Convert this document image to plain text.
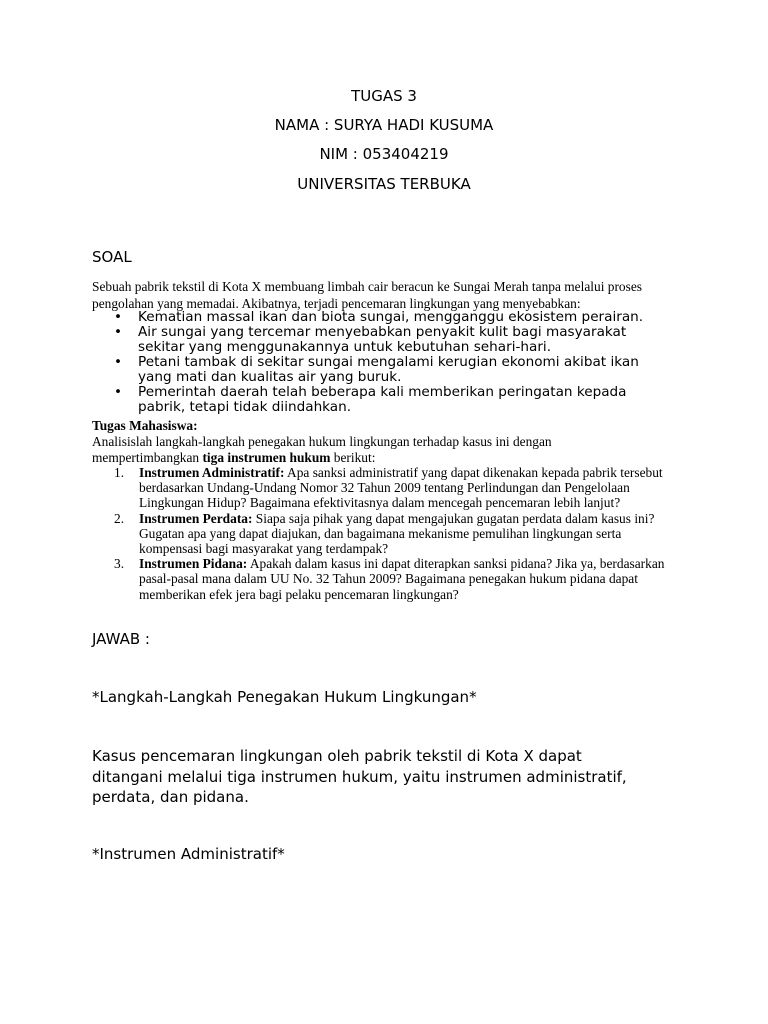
TUGAS 3
NAMA : SURYA HADI KUSUMA
NIM : 053404219
UNIVERSITAS TERBUKA
SOAL
Sebuah pabrik tekstil di Kota X membuang limbah cair beracun ke Sungai Merah tanpa melalui proses
pengolahan yang memadai. Akibatnya, terjadi pencemaran lingkungan yang menyebabkan:
• Kematian massal ikan dan biota sungai, mengganggu ekosistem perairan.
• Air sungai yang tercemar menyebabkan penyakit kulit bagi masyarakat
sekitar yang menggunakannya untuk kebutuhan sehari-hari.
• Petani tambak di sekitar sungai mengalami kerugian ekonomi akibat ikan
yang mati dan kualitas air yang buruk.
• Pemerintah daerah telah beberapa kali memberikan peringatan kepada
pabrik, tetapi tidak diindahkan.
Tugas Mahasiswa:
Analisislah langkah-langkah penegakan hukum lingkungan terhadap kasus ini dengan
mempertimbangkan tiga instrumen hukum berikut:
1. Instrumen Administratif: Apa sanksi administratif yang dapat dikenakan kepada pabrik tersebut
berdasarkan Undang-Undang Nomor 32 Tahun 2009 tentang Perlindungan dan Pengelolaan
Lingkungan Hidup? Bagaimana efektivitasnya dalam mencegah pencemaran lebih lanjut?
2. Instrumen Perdata: Siapa saja pihak yang dapat mengajukan gugatan perdata dalam kasus ini?
Gugatan apa yang dapat diajukan, dan bagaimana mekanisme pemulihan lingkungan serta
kompensasi bagi masyarakat yang terdampak?
3. Instrumen Pidana: Apakah dalam kasus ini dapat diterapkan sanksi pidana? Jika ya, berdasarkan
pasal-pasal mana dalam UU No. 32 Tahun 2009? Bagaimana penegakan hukum pidana dapat
memberikan efek jera bagi pelaku pencemaran lingkungan?
JAWAB :
*Langkah-Langkah Penegakan Hukum Lingkungan*
Kasus pencemaran lingkungan oleh pabrik tekstil di Kota X dapat
ditangani melalui tiga instrumen hukum, yaitu instrumen administratif,
perdata, dan pidana.
*Instrumen Administratif*
